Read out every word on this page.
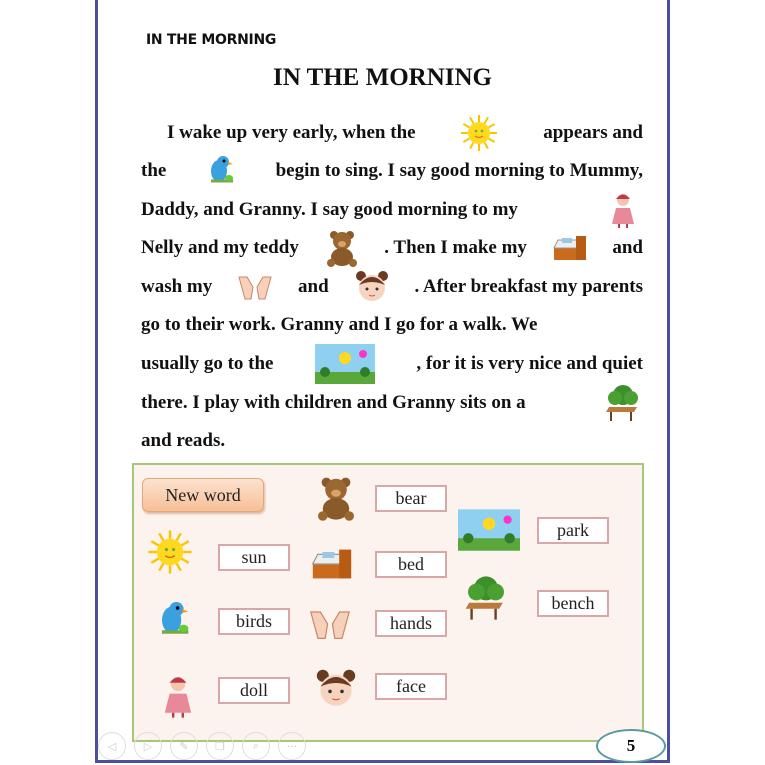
IN THE MORNING
IN THE MORNING
I wake up very early, when the	appears and
the	begin to sing. I say good morning to Mummy,
Daddy, and Granny. I say good morning to my
Nelly and my teddy	. Then I make my	and
wash my	and	. After breakfast my parents
go to their work. Granny and I go for a walk. We
usually go to the	, for it is very nice and quiet
there. I play with children and Granny sits on a
and reads.
New word
sun
birds
doll
bear
bed
hands
face
park
bench
◁	▷	✎	❐	⌕	···	5
